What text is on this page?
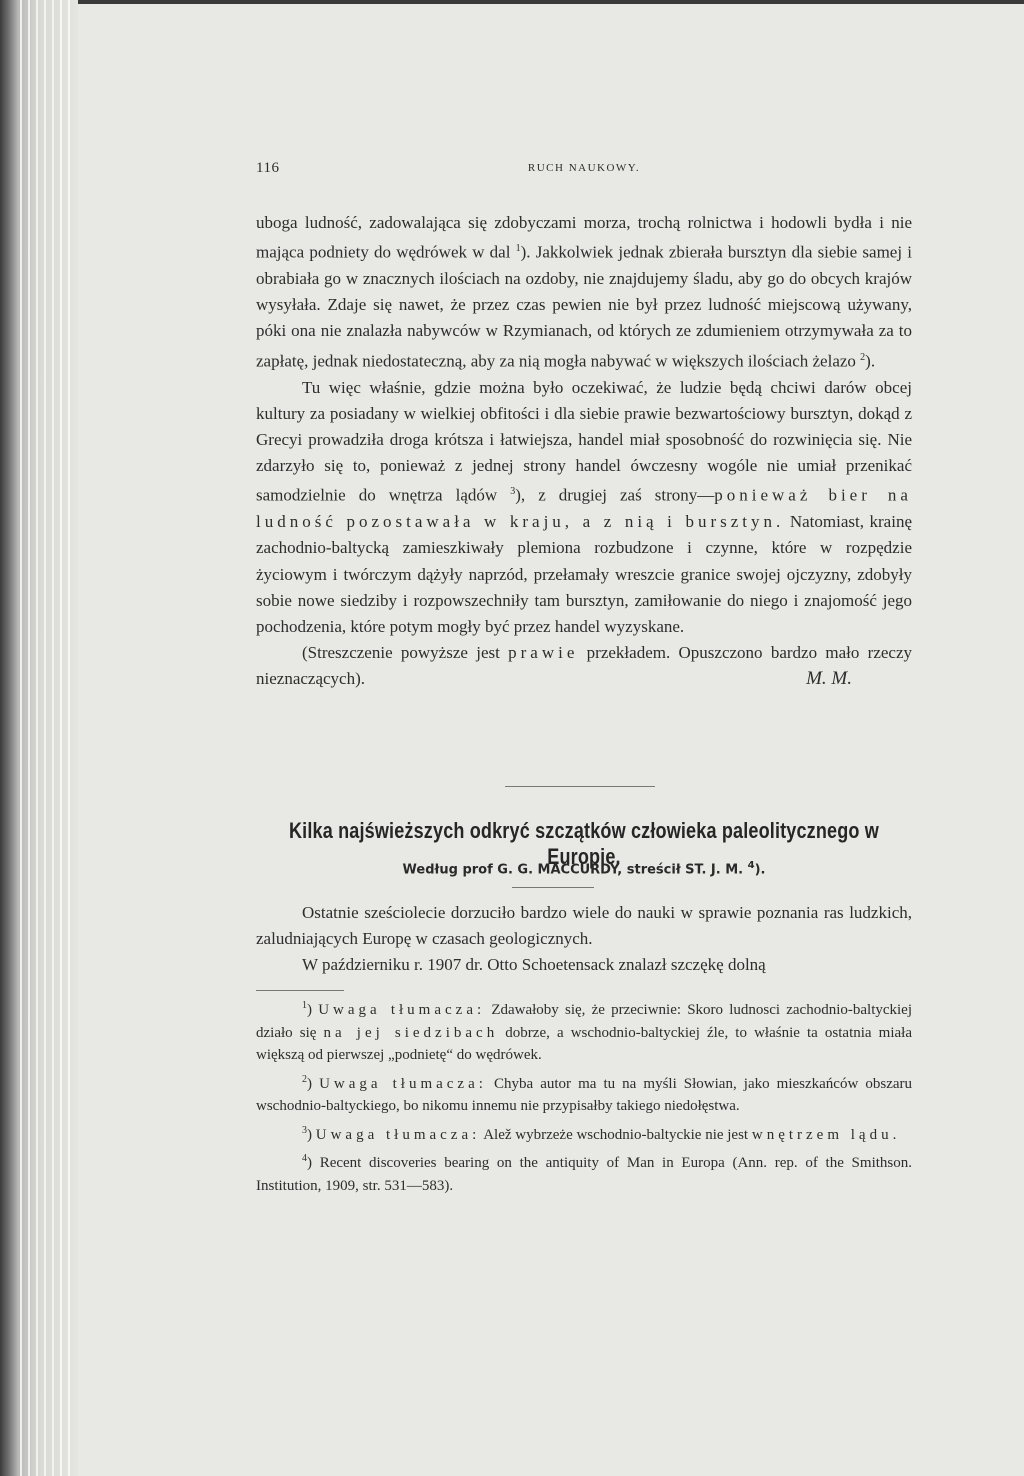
116	RUCH NAUKOWY.

uboga ludność, zadowalająca się zdobyczami morza, trochą rolnictwa i hodowli bydła i nie mająca podniety do wędrówek w dal $^1$). Jakkolwiek jednak zbierała bursztyn dla siebie samej i obrabiała go w znacznych ilościach na ozdoby, nie znajdujemy śladu, aby go do obcych krajów wysyłała. Zdaje się nawet, że przez czas pewien nie był przez ludność miejscową używany, póki ona nie znalazła nabywców w Rzymianach, od których ze zdumieniem otrzymywała za to zapłatę, jednak niedostateczną, aby za nią mogła nabywać w większych ilościach żelazo $^2$).

Tu więc właśnie, gdzie można było oczekiwać, że ludzie będą chciwi darów obcej kultury za posiadany w wielkiej obfitości i dla siebie prawie bezwartościowy bursztyn, dokąd z Grecyi prowadziła droga krótsza i łatwiejsza, handel miał sposobność do rozwinięcia się. Nie zdarzyło się to, ponieważ z jednej strony handel ówczesny wogóle nie umiał przenikać samodzielnie do wnętrza lądów $^3$), z drugiej zaś strony—ponieważ bier na ludność pozostawała w kraju, a z nią i bursztyn. Natomiast, krainę zachodnio-baltycką zamieszkiwały plemiona rozbudzone i czynne, które w rozpędzie życiowym i twórczym dążyły naprzód, przełamały wreszcie granice swojej ojczyzny, zdobyły sobie nowe siedziby i rozpowszechniły tam bursztyn, zamiłowanie do niego i znajomość jego pochodzenia, które potym mogły być przez handel wyzyskane.

(Streszczenie powyższe jest prawie przekładem. Opuszczono bardzo mało rzeczy nieznaczących).	M. M.

Kilka najświeższych odkryć szczątków człowieka paleolitycznego w Europie.
Według prof G. G. MACCURDY, streścił ST. J. M. $^4$).

Ostatnie sześciolecie dorzuciło bardzo wiele do nauki w sprawie poznania ras ludzkich, zaludniających Europę w czasach geologicznych.

W październiku r. 1907 dr. Otto Schoetensack znalazł szczękę dolną

$^1$) Uwaga tłumacza: Zdawałoby się, że przeciwnie: Skoro ludnosci zachodnio-baltyckiej działo się na jej siedzibach dobrze, a wschodnio-baltyckiej źle, to właśnie ta ostatnia miała większą od pierwszej „podnietę“ do wędrówek.

$^2$) Uwaga tłumacza: Chyba autor ma tu na myśli Słowian, jako mieszkańców obszaru wschodnio-baltyckiego, bo nikomu innemu nie przypisałby takiego niedołęstwa.

$^3$) Uwaga tłumacza: Alež wybrzeże wschodnio-baltyckie nie jest wnętrzem lądu.

$^4$) Recent discoveries bearing on the antiquity of Man in Europa (Ann. rep. of the Smithson. Institution, 1909, str. 531—583).
